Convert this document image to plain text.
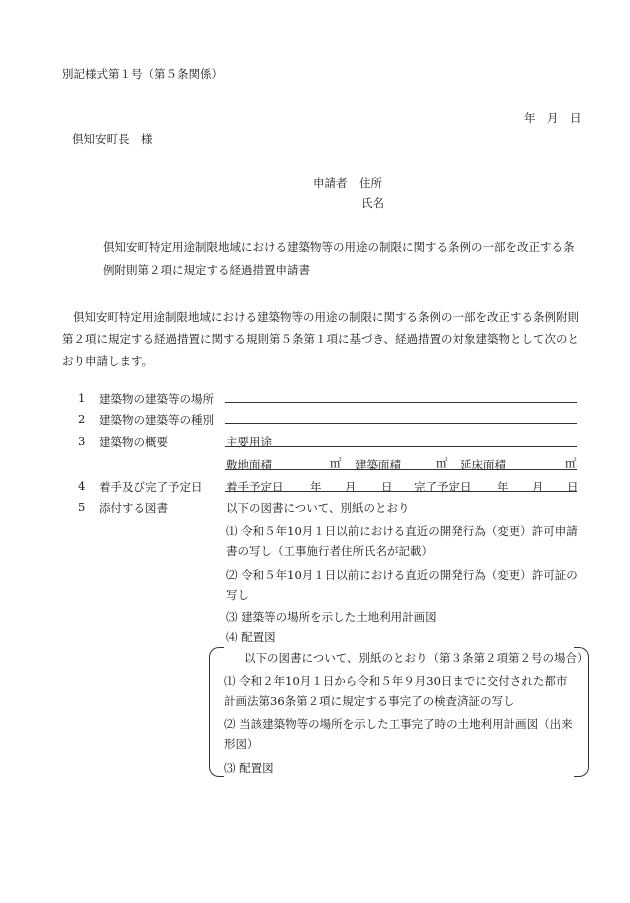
別記様式第１号（第５条関係）
年　月　日
倶知安町長　様
申請者　住所
氏名
倶知安町特定用途制限地域における建築物等の用途の制限に関する条例の一部を改正する条
例附則第２項に規定する経過措置申請書
倶知安町特定用途制限地域における建築物等の用途の制限に関する条例の一部を改正する条例附則第２項に規定する経過措置に関する規則第５条第１項に基づき、経過措置の対象建築物として次のとおり申請します。
1 建築物の建築等の場所
2 建築物の建築等の種別
3 建築物の概要	主要用途
敷地面積	㎡ 建築面積	㎡ 延床面積	㎡
4 着手及び完了予定日 着手予定日 年 月 日 完了予定日 年 月 日
5 添付する図書	以下の図書について、別紙のとおり
⑴ 令和５年10月１日以前における直近の開発行為（変更）許可申請書の写し（工事施行者住所氏名が記載）
⑵ 令和５年10月１日以前における直近の開発行為（変更）許可証の写し
⑶ 建築等の場所を示した土地利用計画図
⑷ 配置図
以下の図書について、別紙のとおり（第３条第２項第２号の場合）
⑴ 令和２年10月１日から令和５年９月30日までに交付された都市計画法第36条第２項に規定する事完了の検査済証の写し
⑵ 当該建築物等の場所を示した工事完了時の土地利用計画図（出来形図）
⑶ 配置図
